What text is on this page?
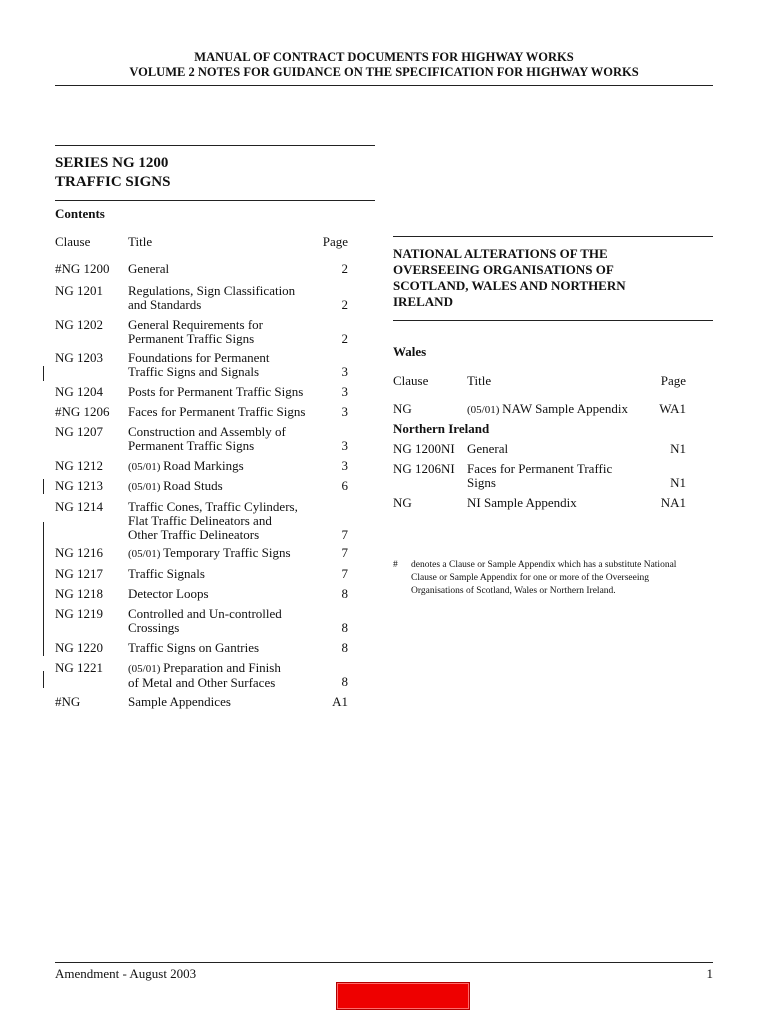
MANUAL OF CONTRACT DOCUMENTS FOR HIGHWAY WORKS
VOLUME 2 NOTES FOR GUIDANCE ON THE SPECIFICATION FOR HIGHWAY WORKS
SERIES NG 1200
TRAFFIC SIGNS
Contents
Clause	Title	Page
#NG 1200 General	2
NG 1201 Regulations, Sign Classification
and Standards	2
NG 1202 General Requirements for
Permanent Traffic Signs	2
NG 1203 Foundations for Permanent
Traffic Signs and Signals	3
NG 1204 Posts for Permanent Traffic Signs	3
#NG 1206 Faces for Permanent Traffic Signs	3
NG 1207 Construction and Assembly of
Permanent Traffic Signs	3
NG 1212 (05/01) Road Markings	3
NG 1213 (05/01) Road Studs	6
NG 1214 Traffic Cones, Traffic Cylinders,
Flat Traffic Delineators and
Other Traffic Delineators	7
NG 1216 (05/01) Temporary Traffic Signs	7
NG 1217 Traffic Signals	7
NG 1218 Detector Loops	8
NG 1219 Controlled and Un-controlled
Crossings	8
NG 1220 Traffic Signs on Gantries	8
NG 1221 (05/01) Preparation and Finish
of Metal and Other Surfaces	8
#NG	Sample Appendices	A1
NATIONAL ALTERATIONS OF THE
OVERSEEING ORGANISATIONS OF
SCOTLAND, WALES AND NORTHERN
IRELAND
Wales
Clause	Title	Page
NG	(05/01) NAW Sample Appendix	WA1
Northern Ireland
NG 1200NI General	N1
NG 1206NI Faces for Permanent Traffic
Signs	N1
NG	NI Sample Appendix	NA1
# denotes a Clause or Sample Appendix which has a substitute National
Clause or Sample Appendix for one or more of the Overseeing
Organisations of Scotland, Wales or Northern Ireland.
Amendment - August 2003	1
